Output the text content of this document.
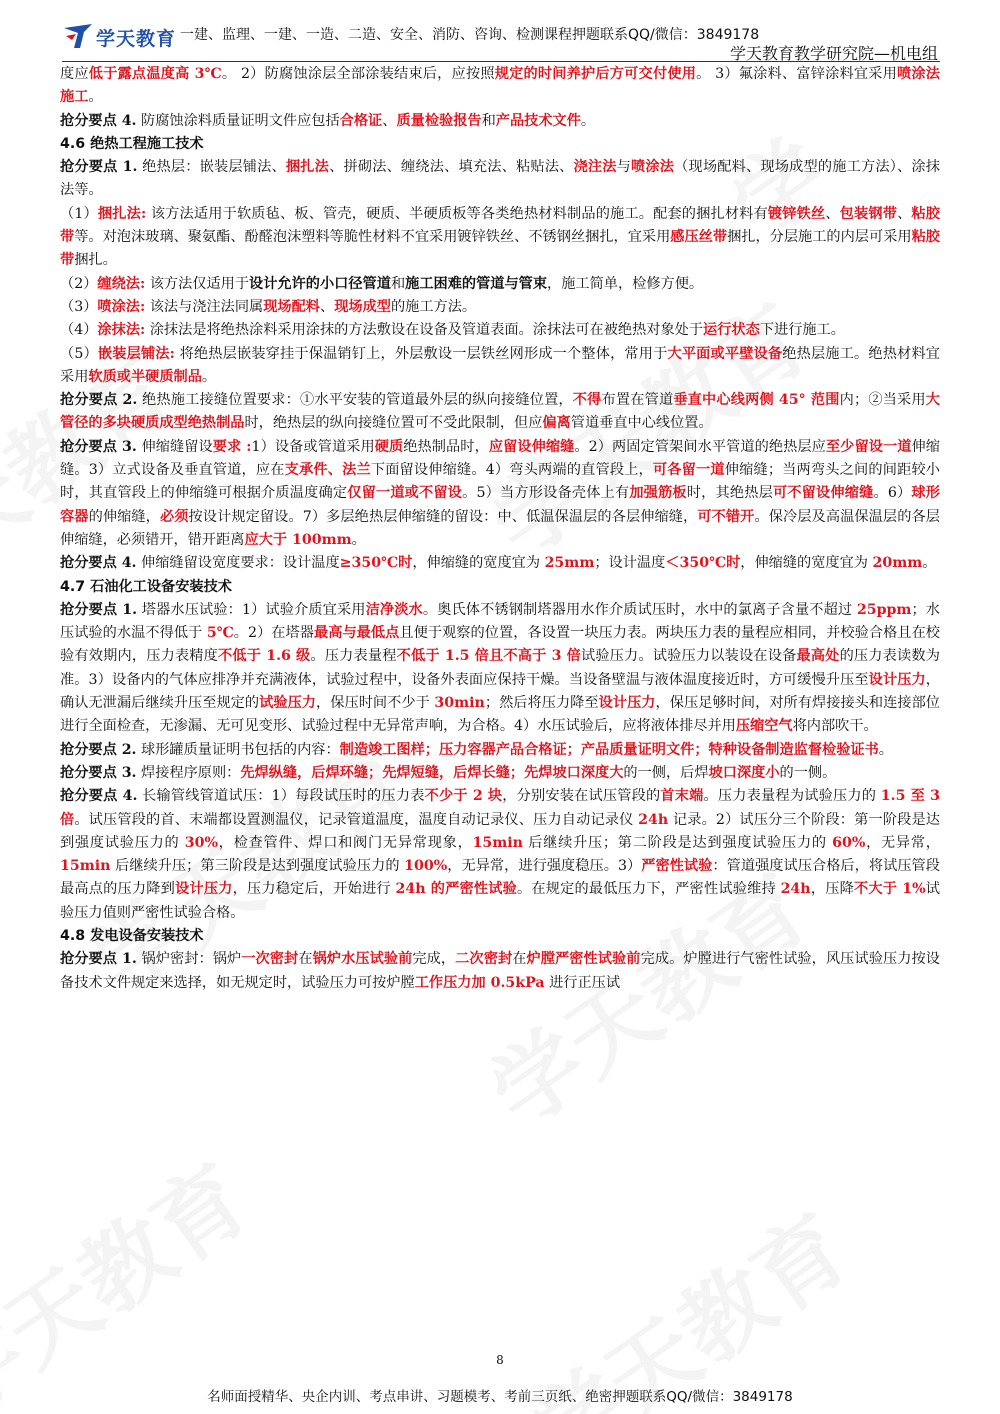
学天教育 一建、监理、一建、一造、二造、安全、消防、咨询、检测课程押题联系QQ/微信：3849178
学天教育教学研究院—机电组

度应低于露点温度高 3℃。 2）防腐蚀涂层全部涂装结束后，应按照规定的时间养护后方可交付使用。 3）氟涂料、富锌涂料宜采用喷涂法施工。

抢分要点 4. 防腐蚀涂料质量证明文件应包括合格证、质量检验报告和产品技术文件。

4.6 绝热工程施工技术

抢分要点 1. 绝热层：嵌装层铺法、捆扎法、拼砌法、缠绕法、填充法、粘贴法、浇注法与喷涂法（现场配料、现场成型的施工方法）、涂抹法等。

（1）捆扎法: 该方法适用于软质毡、板、管壳，硬质、半硬质板等各类绝热材料制品的施工。配套的捆扎材料有镀锌铁丝、包装钢带、粘胶带等。对泡沫玻璃、聚氨酯、酚醛泡沫塑料等脆性材料不宜采用镀锌铁丝、不锈钢丝捆扎，宜采用感压丝带捆扎，分层施工的内层可采用粘胶带捆扎。

（2）缠绕法: 该方法仅适用于设计允许的小口径管道和施工困难的管道与管束，施工简单，检修方便。

（3）喷涂法: 该法与浇注法同属现场配料、现场成型的施工方法。

（4）涂抹法: 涂抹法是将绝热涂料采用涂抹的方法敷设在设备及管道表面。涂抹法可在被绝热对象处于运行状态下进行施工。

（5）嵌装层铺法: 将绝热层嵌装穿挂于保温销钉上，外层敷设一层铁丝网形成一个整体，常用于大平面或平壁设备绝热层施工。绝热材料宜采用软质或半硬质制品。

抢分要点 2. 绝热施工接缝位置要求：①水平安装的管道最外层的纵向接缝位置，不得布置在管道垂直中心线两侧 45° 范围内；②当采用大管径的多块硬质成型绝热制品时，绝热层的纵向接缝位置可不受此限制，但应偏离管道垂直中心线位置。

抢分要点 3. 伸缩缝留设要求 :1）设备或管道采用硬质绝热制品时，应留设伸缩缝。2）两固定管架间水平管道的绝热层应至少留设一道伸缩缝。3）立式设备及垂直管道，应在支承件、法兰下面留设伸缩缝。4）弯头两端的直管段上，可各留一道伸缩缝；当两弯头之间的间距较小时，其直管段上的伸缩缝可根据介质温度确定仅留一道或不留设。5）当方形设备壳体上有加强筋板时，其绝热层可不留设伸缩缝。6）球形容器的伸缩缝，必须按设计规定留设。7）多层绝热层伸缩缝的留设：中、低温保温层的各层伸缩缝，可不错开。保冷层及高温保温层的各层伸缩缝，必须错开，错开距离应大于 100mm。

抢分要点 4. 伸缩缝留设宽度要求：设计温度≥350℃时，伸缩缝的宽度宜为 25mm；设计温度＜350℃时，伸缩缝的宽度宜为 20mm。

4.7 石油化工设备安装技术

抢分要点 1. 塔器水压试验：1）试验介质宜采用洁净淡水。奥氏体不锈钢制塔器用水作介质试压时，水中的氯离子含量不超过 25ppm；水压试验的水温不得低于 5℃。2）在塔器最高与最低点且便于观察的位置，各设置一块压力表。两块压力表的量程应相同，并校验合格且在校验有效期内，压力表精度不低于 1.6 级。压力表量程不低于 1.5 倍且不高于 3 倍试验压力。试验压力以装设在设备最高处的压力表读数为准。3）设备内的气体应排净并充满液体，试验过程中，设备外表面应保持干燥。当设备壁温与液体温度接近时，方可缓慢升压至设计压力，确认无泄漏后继续升压至规定的试验压力，保压时间不少于 30min；然后将压力降至设计压力，保压足够时间，对所有焊接接头和连接部位进行全面检查，无渗漏、无可见变形、试验过程中无异常声响，为合格。4）水压试验后，应将液体排尽并用压缩空气将内部吹干。

抢分要点 2. 球形罐质量证明书包括的内容：制造竣工图样；压力容器产品合格证；产品质量证明文件；特种设备制造监督检验证书。

抢分要点 3. 焊接程序原则：先焊纵缝，后焊环缝；先焊短缝，后焊长缝；先焊坡口深度大的一侧，后焊坡口深度小的一侧。

抢分要点 4. 长输管线管道试压：1）每段试压时的压力表不少于 2 块，分别安装在试压管段的首末端。压力表量程为试验压力的 1.5 至 3 倍。试压管段的首、末端都设置测温仪，记录管道温度，温度自动记录仪、压力自动记录仪 24h 记录。2）试压分三个阶段：第一阶段是达到强度试验压力的 30%，检查管件、焊口和阀门无异常现象，15min 后继续升压；第二阶段是达到强度试验压力的 60%，无异常，15min 后继续升压；第三阶段是达到强度试验压力的 100%，无异常，进行强度稳压。3）严密性试验：管道强度试压合格后，将试压管段最高点的压力降到设计压力，压力稳定后，开始进行 24h 的严密性试验。在规定的最低压力下，严密性试验维持 24h，压降不大于 1%试验压力值则严密性试验合格。

4.8 发电设备安装技术

抢分要点 1. 锅炉密封：锅炉一次密封在锅炉水压试验前完成，二次密封在炉膛严密性试验前完成。炉膛进行气密性试验，风压试验压力按设备技术文件规定来选择，如无规定时，试验压力可按炉膛工作压力加 0.5kPa 进行正压试

8
名师面授精华、央企内训、考点串讲、习题模考、考前三页纸、绝密押题联系QQ/微信：3849178
